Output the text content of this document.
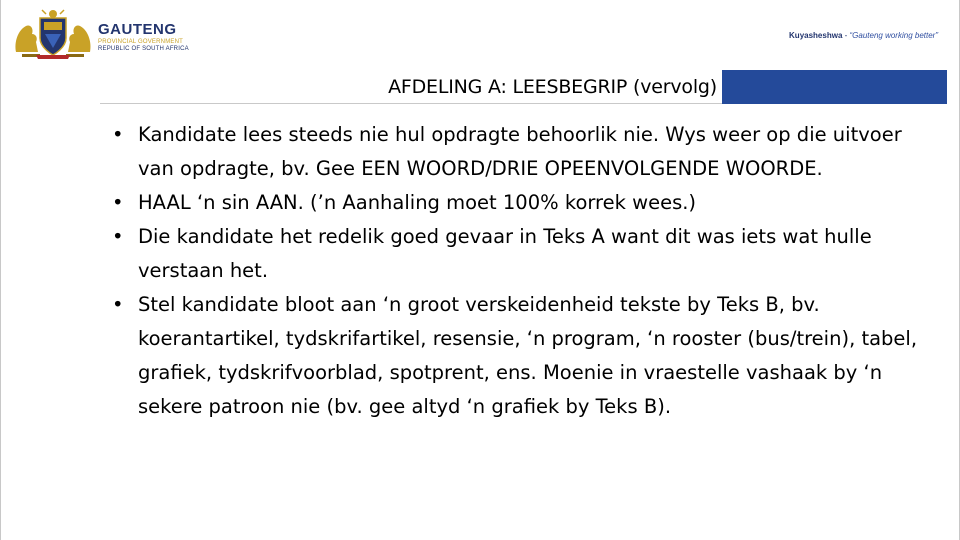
GAUTENG
PROVINCIAL GOVERNMENT
REPUBLIC OF SOUTH AFRICA
Kuyasheshwa - “Gauteng working better”
AFDELING A: LEESBEGRIP (vervolg)
• Kandidate lees steeds nie hul opdragte behoorlik nie. Wys weer op die uitvoer van opdragte, bv. Gee EEN WOORD/DRIE OPEENVOLGENDE WOORDE.
• HAAL ‘n sin AAN. (’n Aanhaling moet 100% korrek wees.)
• Die kandidate het redelik goed gevaar in Teks A want dit was iets wat hulle verstaan het.
• Stel kandidate bloot aan ‘n groot verskeidenheid tekste by Teks B, bv. koerantartikel, tydskrifartikel, resensie, ‘n program, ‘n rooster (bus/trein), tabel, grafiek, tydskrifvoorblad, spotprent, ens. Moenie in vraestelle vashaak by ‘n sekere patroon nie (bv. gee altyd ‘n grafiek by Teks B).
